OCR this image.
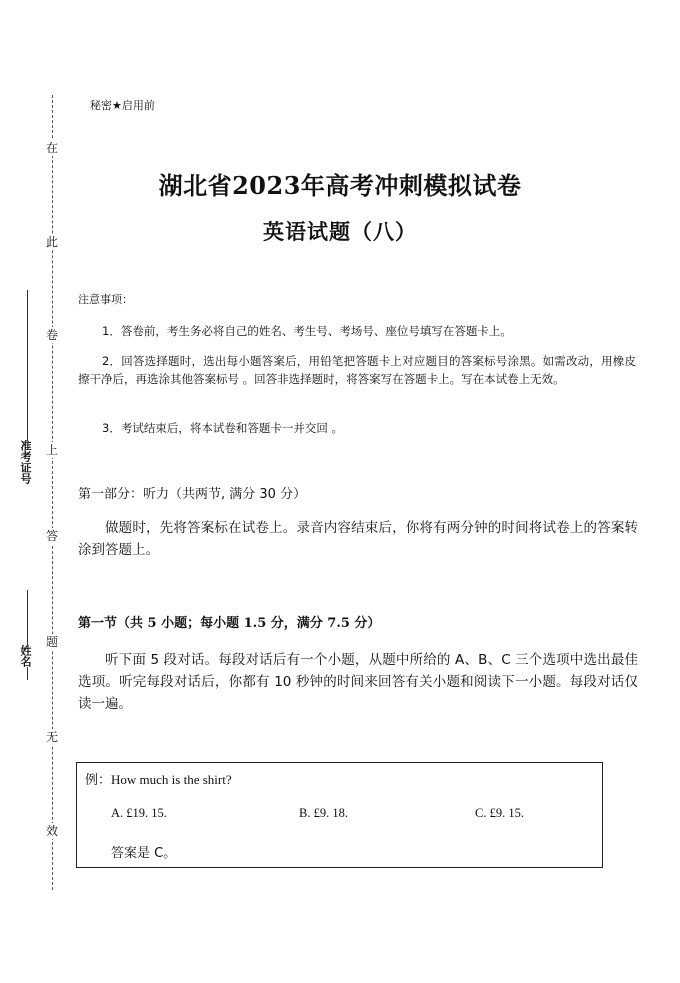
在
此
卷
上
答
题
无
效
准考证号
姓名
秘密★启用前
湖北省2023年高考冲刺模拟试卷
英语试题（八）
注意事项：
1．答卷前，考生务必将自己的姓名、考生号、考场号、座位号填写在答题卡上。
2．回答选择题时，选出每小题答案后，用铅笔把答题卡上对应题目的答案标号涂黑。如需改动，用橡皮擦干净后，再选涂其他答案标号 。回答非选择题时，将答案写在答题卡上。写在本试卷上无效。
3．考试结束后，将本试卷和答题卡一并交回 。
第一部分：听力（共两节, 满分 30 分）
做题时，先将答案标在试卷上。录音内容结束后，你将有两分钟的时间将试卷上的答案转涂到答题上。
第一节（共 5 小题；每小题 1.5 分，满分 7.5 分）
听下面 5 段对话。每段对话后有一个小题，从题中所给的 A、B、C 三个选项中选出最佳选项。听完每段对话后，你都有 10 秒钟的时间来回答有关小题和阅读下一小题。每段对话仅读一遍。
例：How much is the shirt?
A. £19. 15.	B. £9. 18.	C. £9. 15.
答案是 C。
